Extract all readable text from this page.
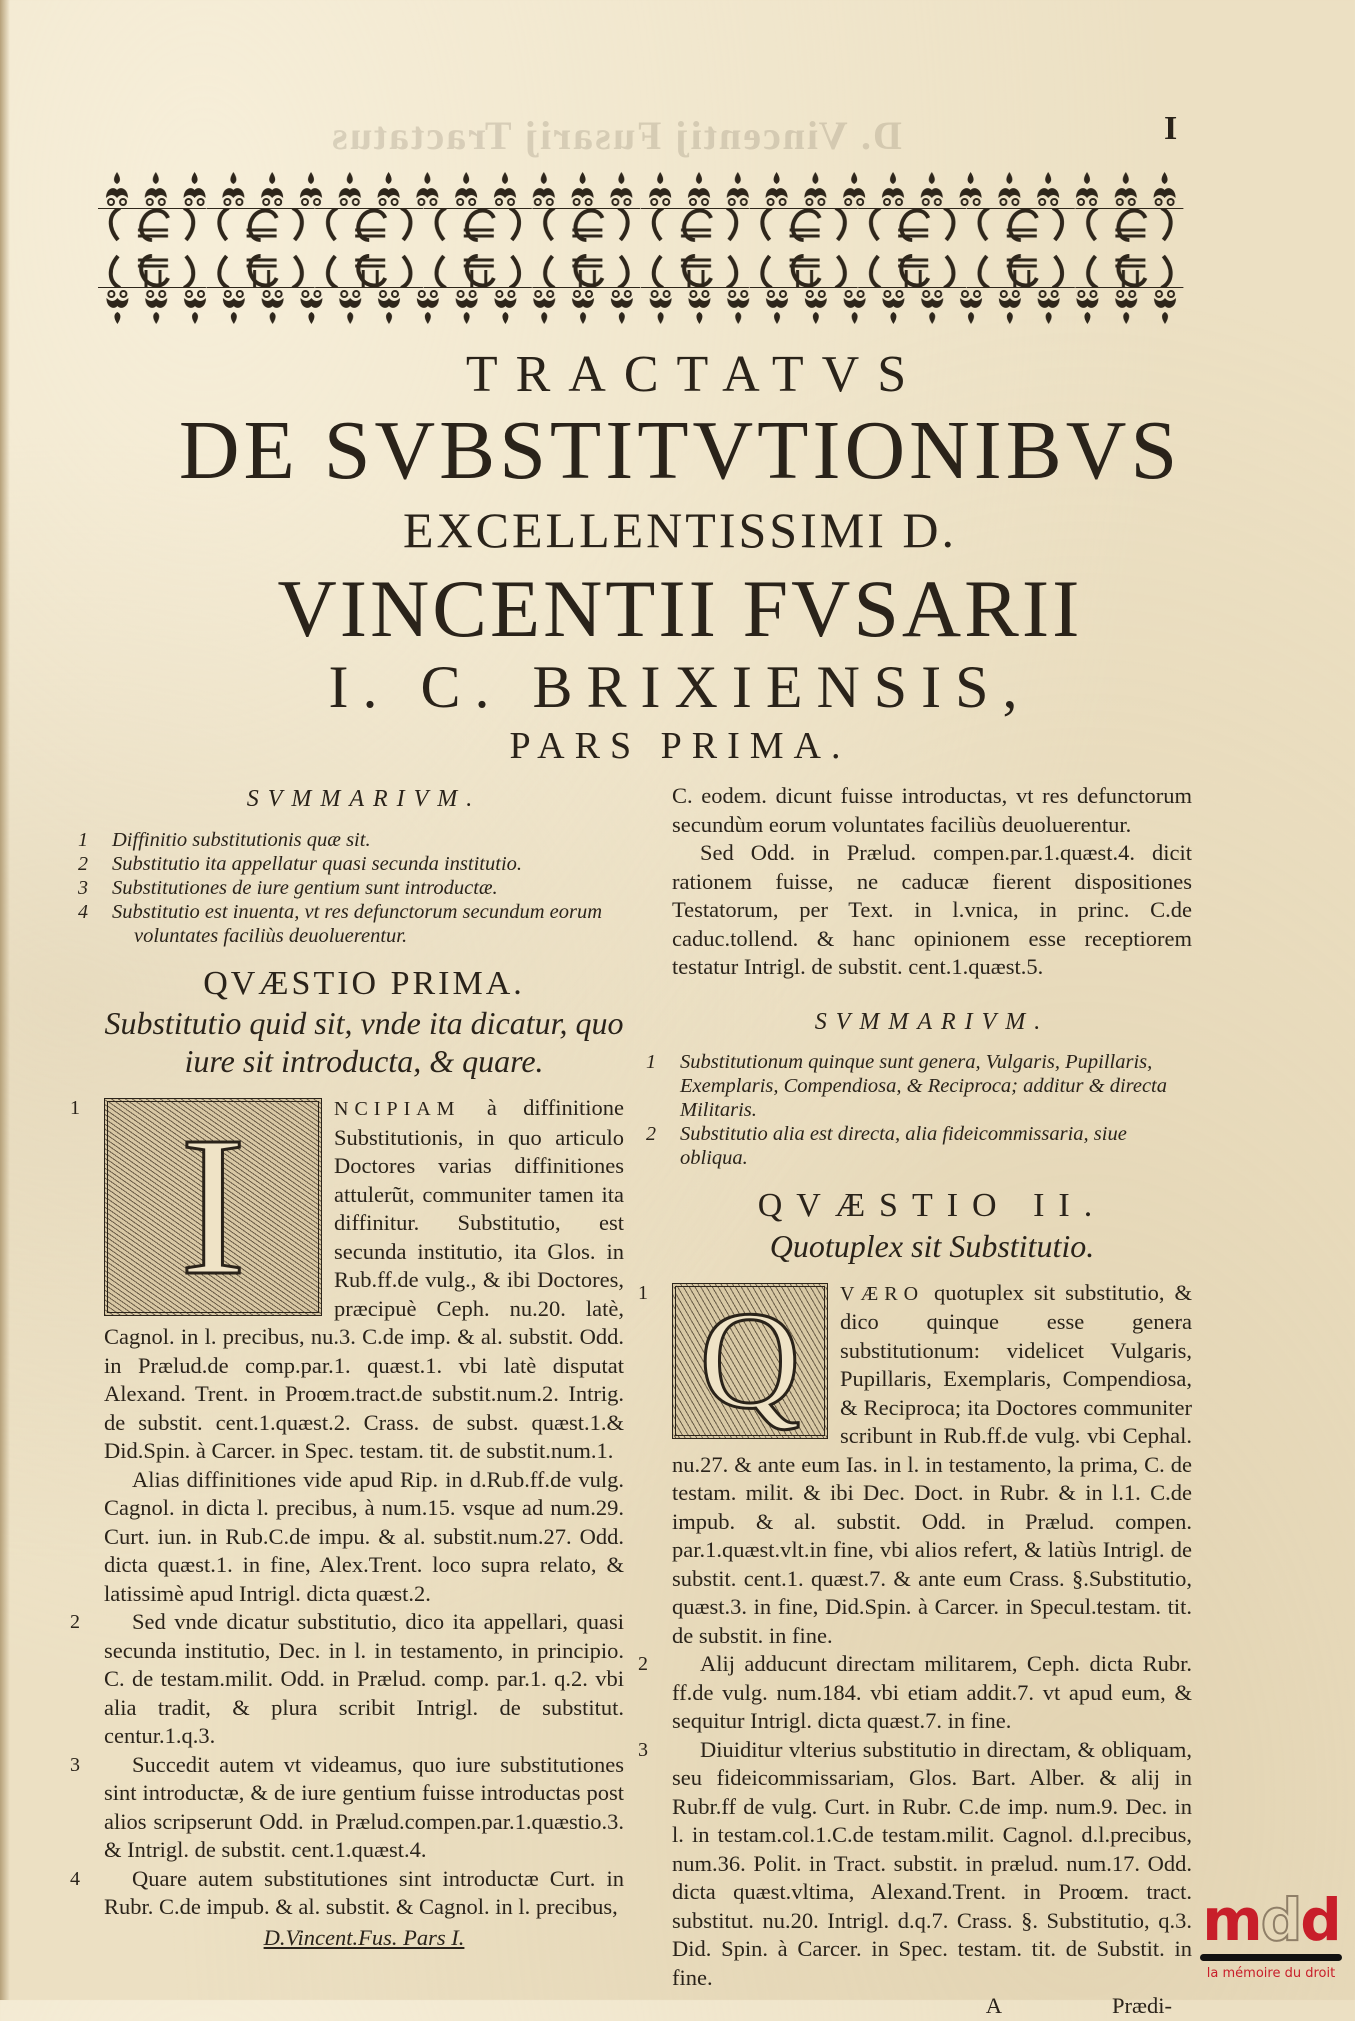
D. Vincentij Fusarij Tractatus	I
TRACTATVS
DE SVBSTITVTIONIBVS
EXCELLENTISSIMI D.
VINCENTII FVSARII
I. C. BRIXIENSIS,
PARS PRIMA.
SVMMARIVM.
1 Diffinitio substitutionis quæ sit.
2 Substitutio ita appellatur quasi secunda institutio.
3 Substitutiones de iure gentium sunt introductæ.
4 Substitutio est inuenta, vt res defunctorum secundum eorum
voluntates faciliùs deuoluerentur.
QVÆSTIO PRIMA.
Substitutio quid sit, vnde ita dicatur, quo iure sit introducta, & quare.
1 I	NCIPIAM à diffinitione Substitutionis, in quo articulo Doctores varias diffinitiones attulerũt, communiter tamen ita diffinitur. Substitutio, est secunda institutio, ita Glos. in Rub.ff.de vulg., & ibi Doctores, præcipuè Ceph. nu.20. latè, Cagnol. in l. precibus, nu.3. C.de imp. & al. substit. Odd. in Prælud.de comp.par.1. quæst.1. vbi latè disputat Alexand. Trent. in Proœm.tract.de substit.num.2. Intrig. de substit. cent.1.quæst.2. Crass. de subst. quæst.1.& Did.Spin. à Carcer. in Spec. testam. tit. de substit.num.1.
Alias diffinitiones vide apud Rip. in d.Rub.ff.de vulg. Cagnol. in dicta l. precibus, à num.15. vsque ad num.29. Curt. iun. in Rub.C.de impu. & al. substit.num.27. Odd. dicta quæst.1. in fine, Alex.Trent. loco supra relato, & latissimè apud Intrigl. dicta quæst.2.
2 Sed vnde dicatur substitutio, dico ita appellari, quasi secunda institutio, Dec. in l. in testamento, in principio. C. de testam.milit. Odd. in Prælud. comp. par.1. q.2. vbi alia tradit, & plura scribit Intrigl. de substitut. centur.1.q.3.
3 Succedit autem vt videamus, quo iure substitutiones sint introductæ, & de iure gentium fuisse introductas post alios scripserunt Odd. in Prælud.compen.par.1.quæstio.3. & Intrigl. de substit. cent.1.quæst.4.
4 Quare autem substitutiones sint introductæ Curt. in Rubr. C.de impub. & al. substit. & Cagnol. in l. precibus,
D.Vincent.Fus. Pars I.
C. eodem. dicunt fuisse introductas, vt res defunctorum secundùm eorum voluntates faciliùs deuoluerentur.
Sed Odd. in Prælud. compen.par.1.quæst.4. dicit rationem fuisse, ne caducæ fierent dispositiones Testatorum, per Text. in l.vnica, in princ. C.de caduc.tollend. & hanc opinionem esse receptiorem testatur Intrigl. de substit. cent.1.quæst.5.
SVMMARIVM.
1 Substitutionum quinque sunt genera, Vulgaris, Pupillaris, Exemplaris, Compendiosa, & Reciproca; additur & directa Militaris.
2 Substitutio alia est directa, alia fideicommissaria, siue obliqua.
QVÆSTIO II.
Quotuplex sit Substitutio.
1 Q	VÆRO quotuplex sit substitutio, & dico quinque esse genera substitutionum: videlicet Vulgaris, Pupillaris, Exemplaris, Compendiosa, & Reciproca; ita Doctores communiter scribunt in Rub.ff.de vulg. vbi Cephal. nu.27. & ante eum Ias. in l. in testamento, la prima, C. de testam. milit. & ibi Dec. Doct. in Rubr. & in l.1. C.de impub. & al. substit. Odd. in Prælud. compen. par.1.quæst.vlt.in fine, vbi alios refert, & latiùs Intrigl. de substit. cent.1. quæst.7. & ante eum Crass. §.Substitutio, quæst.3. in fine, Did.Spin. à Carcer. in Specul.testam. tit. de substit. in fine.
2 Alij adducunt directam militarem, Ceph. dicta Rubr. ff.de vulg. num.184. vbi etiam addit.7. vt apud eum, & sequitur Intrigl. dicta quæst.7. in fine.
3 Diuiditur vlterius substitutio in directam, & obliquam, seu fideicommissariam, Glos. Bart. Alber. & alij in Rubr.ff de vulg. Curt. in Rubr. C.de imp. num.9. Dec. in l. in testam.col.1.C.de testam.milit. Cagnol. d.l.precibus, num.36. Polit. in Tract. substit. in prælud. num.17. Odd. dicta quæst.vltima, Alexand.Trent. in Proœm. tract. substitut. nu.20. Intrigl. d.q.7. Crass. §. Substitutio, q.3. Did. Spin. à Carcer. in Spec. testam. tit. de Substit. in fine.
A	Prædi-
mdd
la mémoire du droit
